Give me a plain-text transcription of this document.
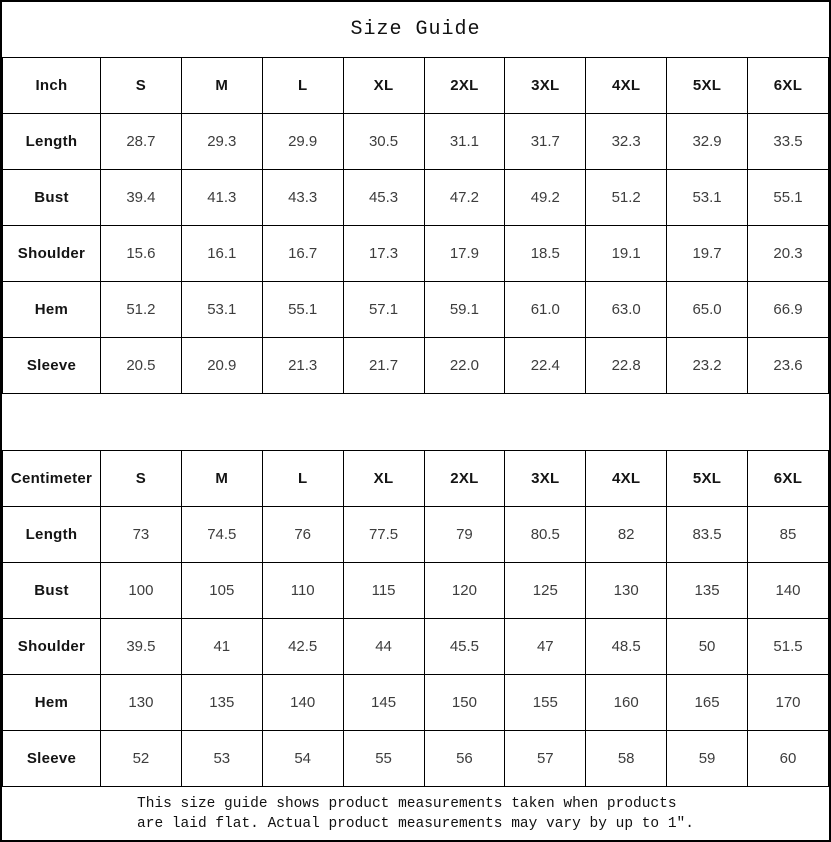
Size Guide
Inch	S	M	L	XL	2XL	3XL	4XL	5XL	6XL
Length	28.7	29.3	29.9	30.5	31.1	31.7	32.3	32.9	33.5
Bust	39.4	41.3	43.3	45.3	47.2	49.2	51.2	53.1	55.1
Shoulder	15.6	16.1	16.7	17.3	17.9	18.5	19.1	19.7	20.3
Hem	51.2	53.1	55.1	57.1	59.1	61.0	63.0	65.0	66.9
Sleeve	20.5	20.9	21.3	21.7	22.0	22.4	22.8	23.2	23.6
Centimeter	S	M	L	XL	2XL	3XL	4XL	5XL	6XL
Length	73	74.5	76	77.5	79	80.5	82	83.5	85
Bust	100	105	110	115	120	125	130	135	140
Shoulder	39.5	41	42.5	44	45.5	47	48.5	50	51.5
Hem	130	135	140	145	150	155	160	165	170
Sleeve	52	53	54	55	56	57	58	59	60
This size guide shows product measurements taken when products
are laid flat. Actual product measurements may vary by up to 1″.
